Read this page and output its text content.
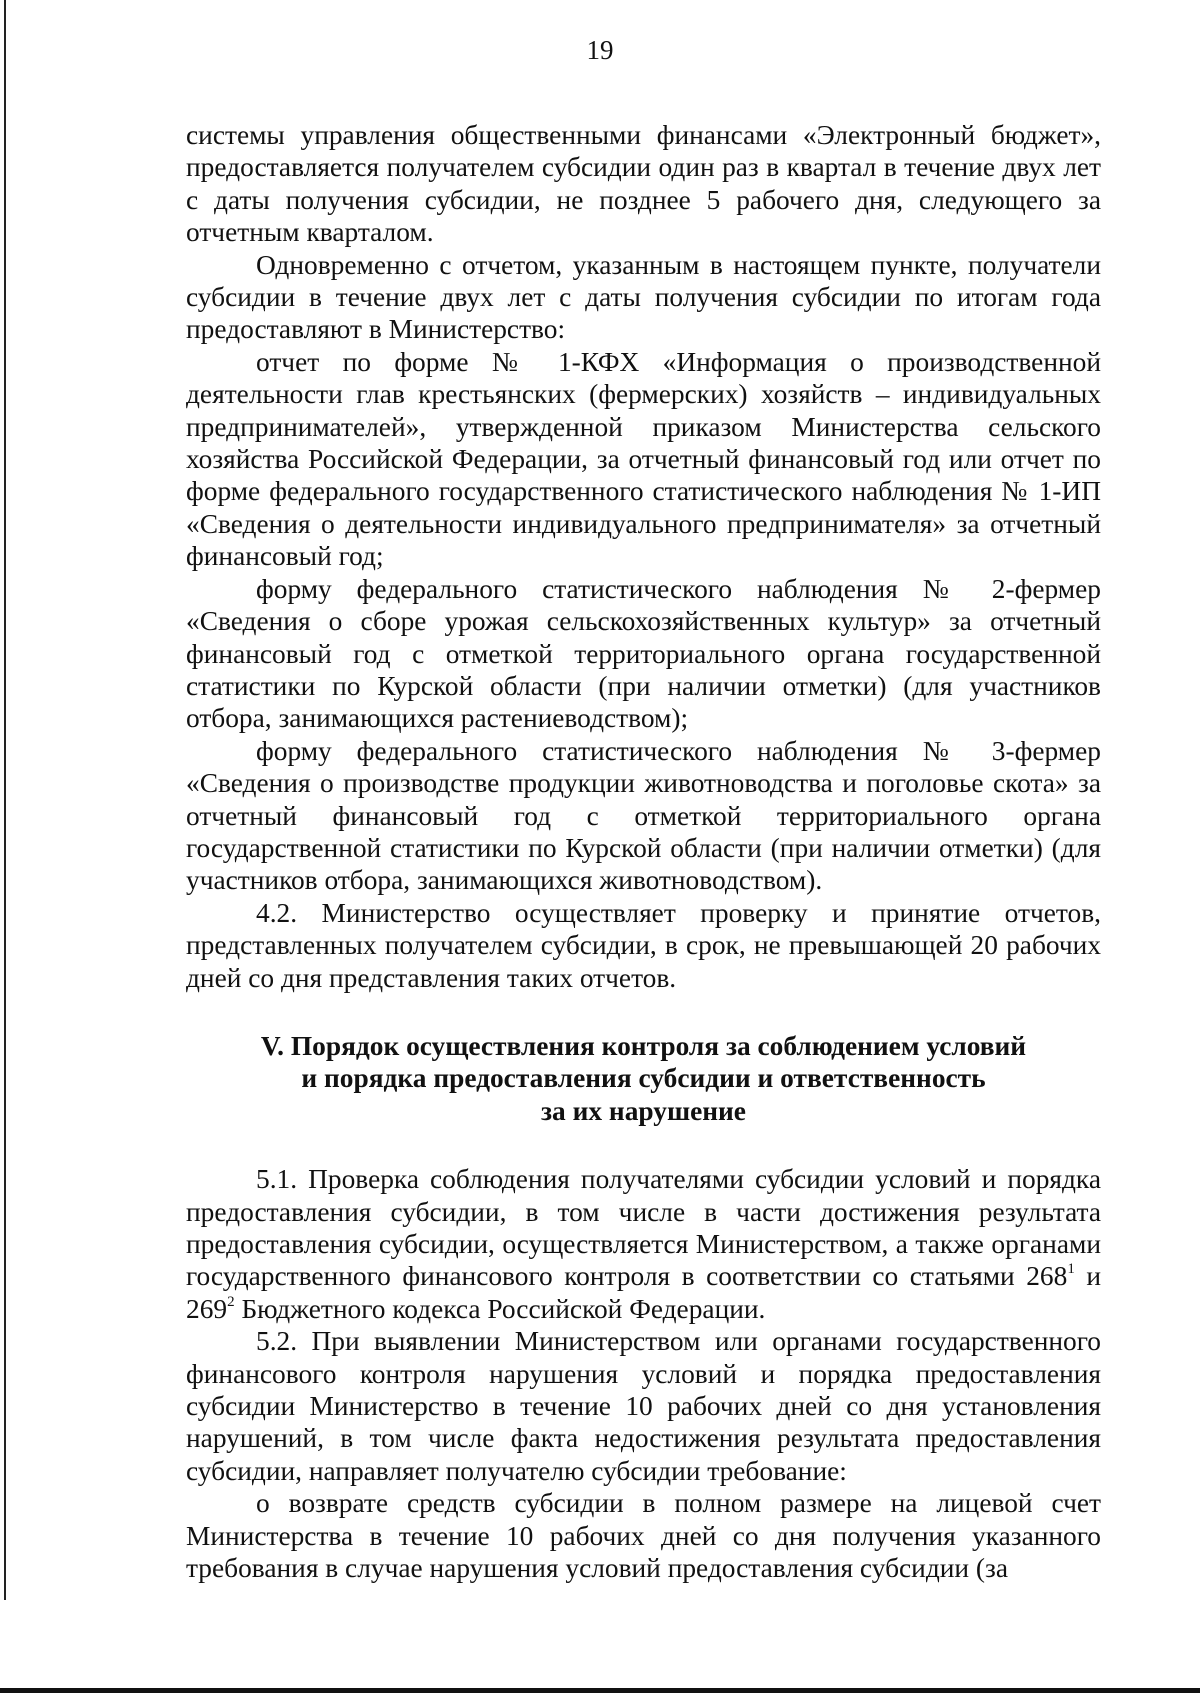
19

системы управления общественными финансами «Электронный бюджет», предоставляется получателем субсидии один раз в квартал в течение двух лет с даты получения субсидии, не позднее 5 рабочего дня, следующего за отчетным кварталом.

Одновременно с отчетом, указанным в настоящем пункте, получатели субсидии в течение двух лет с даты получения субсидии по итогам года предоставляют в Министерство:

отчет по форме № 1-КФХ «Информация о производственной деятельности глав крестьянских (фермерских) хозяйств – индивидуальных предпринимателей», утвержденной приказом Министерства сельского хозяйства Российской Федерации, за отчетный финансовый год или отчет по форме федерального государственного статистического наблюдения № 1-ИП «Сведения о деятельности индивидуального предпринимателя» за отчетный финансовый год;

форму федерального статистического наблюдения № 2-фермер «Сведения о сборе урожая сельскохозяйственных культур» за отчетный финансовый год с отметкой территориального органа государственной статистики по Курской области (при наличии отметки) (для участников отбора, занимающихся растениеводством);

форму федерального статистического наблюдения № 3-фермер «Сведения о производстве продукции животноводства и поголовье скота» за отчетный финансовый год с отметкой территориального органа государственной статистики по Курской области (при наличии отметки) (для участников отбора, занимающихся животноводством).

4.2. Министерство осуществляет проверку и принятие отчетов, представленных получателем субсидии, в срок, не превышающей 20 рабочих дней со дня представления таких отчетов.

V. Порядок осуществления контроля за соблюдением условий
и порядка предоставления субсидии и ответственность
за их нарушение

5.1. Проверка соблюдения получателями субсидии условий и порядка предоставления субсидии, в том числе в части достижения результата предоставления субсидии, осуществляется Министерством, а также органами государственного финансового контроля в соответствии со статьями $268^1$ и $269^2$ Бюджетного кодекса Российской Федерации.

5.2. При выявлении Министерством или органами государственного финансового контроля нарушения условий и порядка предоставления субсидии Министерство в течение 10 рабочих дней со дня установления нарушений, в том числе факта недостижения результата предоставления субсидии, направляет получателю субсидии требование:

о возврате средств субсидии в полном размере на лицевой счет Министерства в течение 10 рабочих дней со дня получения указанного требования в случае нарушения условий предоставления субсидии (за
